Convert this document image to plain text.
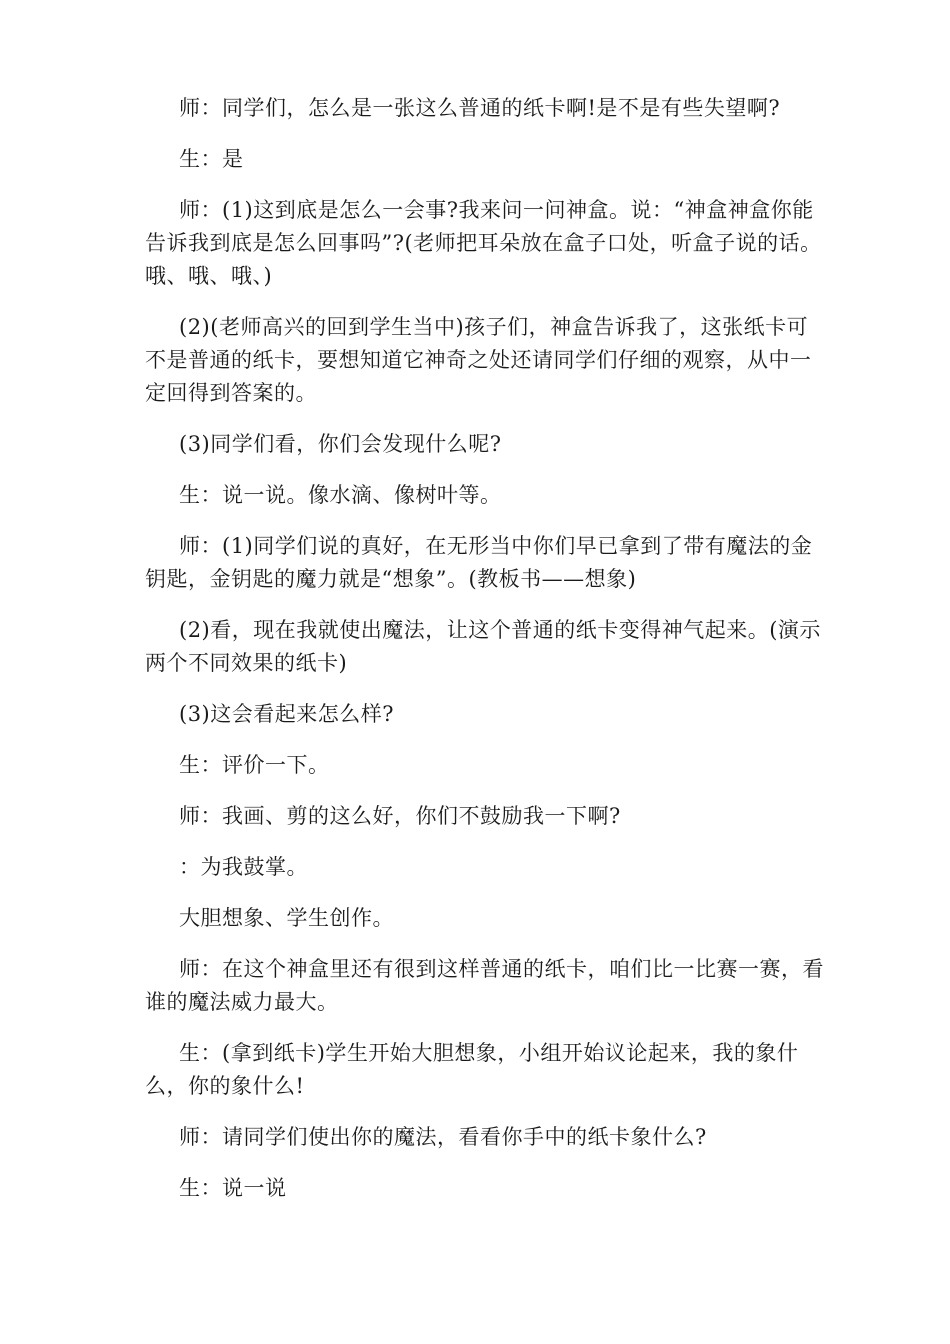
师：同学们，怎么是一张这么普通的纸卡啊!是不是有些失望啊?

生：是

师：(1)这到底是怎么一会事?我来问一问神盒。说：“神盒神盒你能告诉我到底是怎么回事吗”?(老师把耳朵放在盒子口处，听盒子说的话。哦、哦、哦、)

(2)(老师高兴的回到学生当中)孩子们，神盒告诉我了，这张纸卡可不是普通的纸卡，要想知道它神奇之处还请同学们仔细的观察，从中一定回得到答案的。

(3)同学们看，你们会发现什么呢?

生：说一说。像水滴、像树叶等。

师：(1)同学们说的真好，在无形当中你们早已拿到了带有魔法的金钥匙，金钥匙的魔力就是“想象”。(教板书——想象)

(2)看，现在我就使出魔法，让这个普通的纸卡变得神气起来。(演示两个不同效果的纸卡)

(3)这会看起来怎么样?

生：评价一下。

师：我画、剪的这么好，你们不鼓励我一下啊?

：为我鼓掌。

大胆想象、学生创作。

师：在这个神盒里还有很到这样普通的纸卡，咱们比一比赛一赛，看谁的魔法威力最大。

生：(拿到纸卡)学生开始大胆想象，小组开始议论起来，我的象什么，你的象什么!

师：请同学们使出你的魔法，看看你手中的纸卡象什么?

生：说一说
